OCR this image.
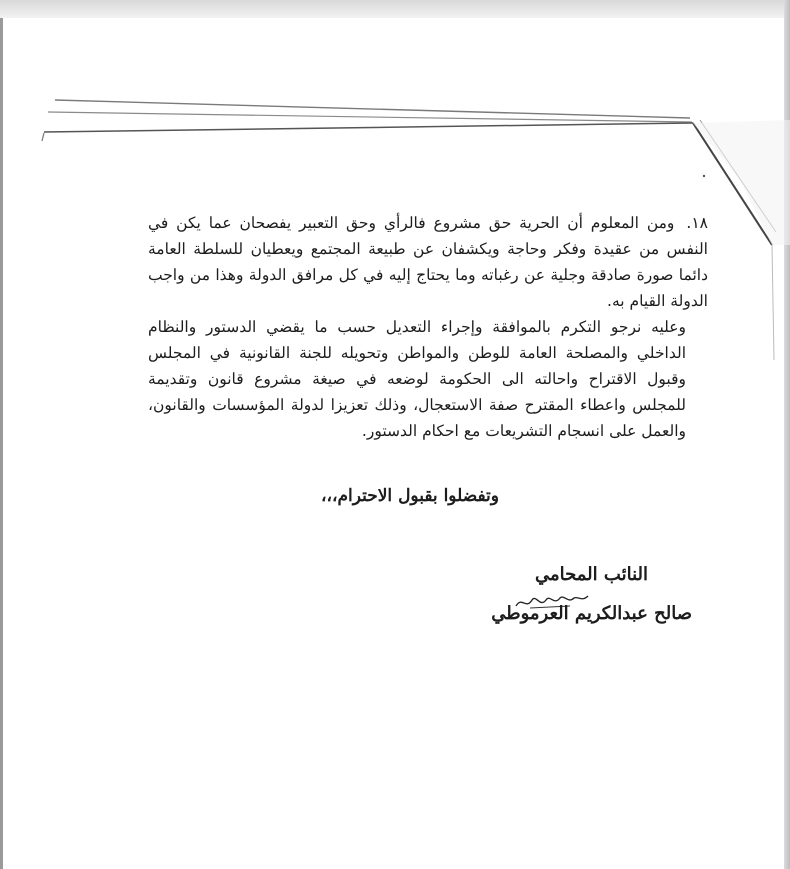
١٨.ومن المعلوم أن الحرية حق مشروع فالرأي وحق التعبير يفصحان عما يكن في النفس من عقيدة وفكر وحاجة ويكشفان عن طبيعة المجتمع ويعطيان للسلطة العامة دائما صورة صادقة وجلية عن رغباته وما يحتاج إليه في كل مرافق الدولة وهذا من واجب الدولة القيام به.

وعليه نرجو التكرم بالموافقة وإجراء التعديل حسب ما يقضي الدستور والنظام الداخلي والمصلحة العامة للوطن والمواطن وتحويله للجنة القانونية في المجلس وقبول الاقتراح واحالته الى الحكومة لوضعه في صيغة مشروع قانون وتقديمة للمجلس واعطاء المقترح صفة الاستعجال، وذلك تعزيزا لدولة المؤسسات والقانون، والعمل على انسجام التشريعات مع احكام الدستور.

وتفضلوا بقبول الاحترام،،،
النائب المحامي
صالح عبدالكريم العرموطي
